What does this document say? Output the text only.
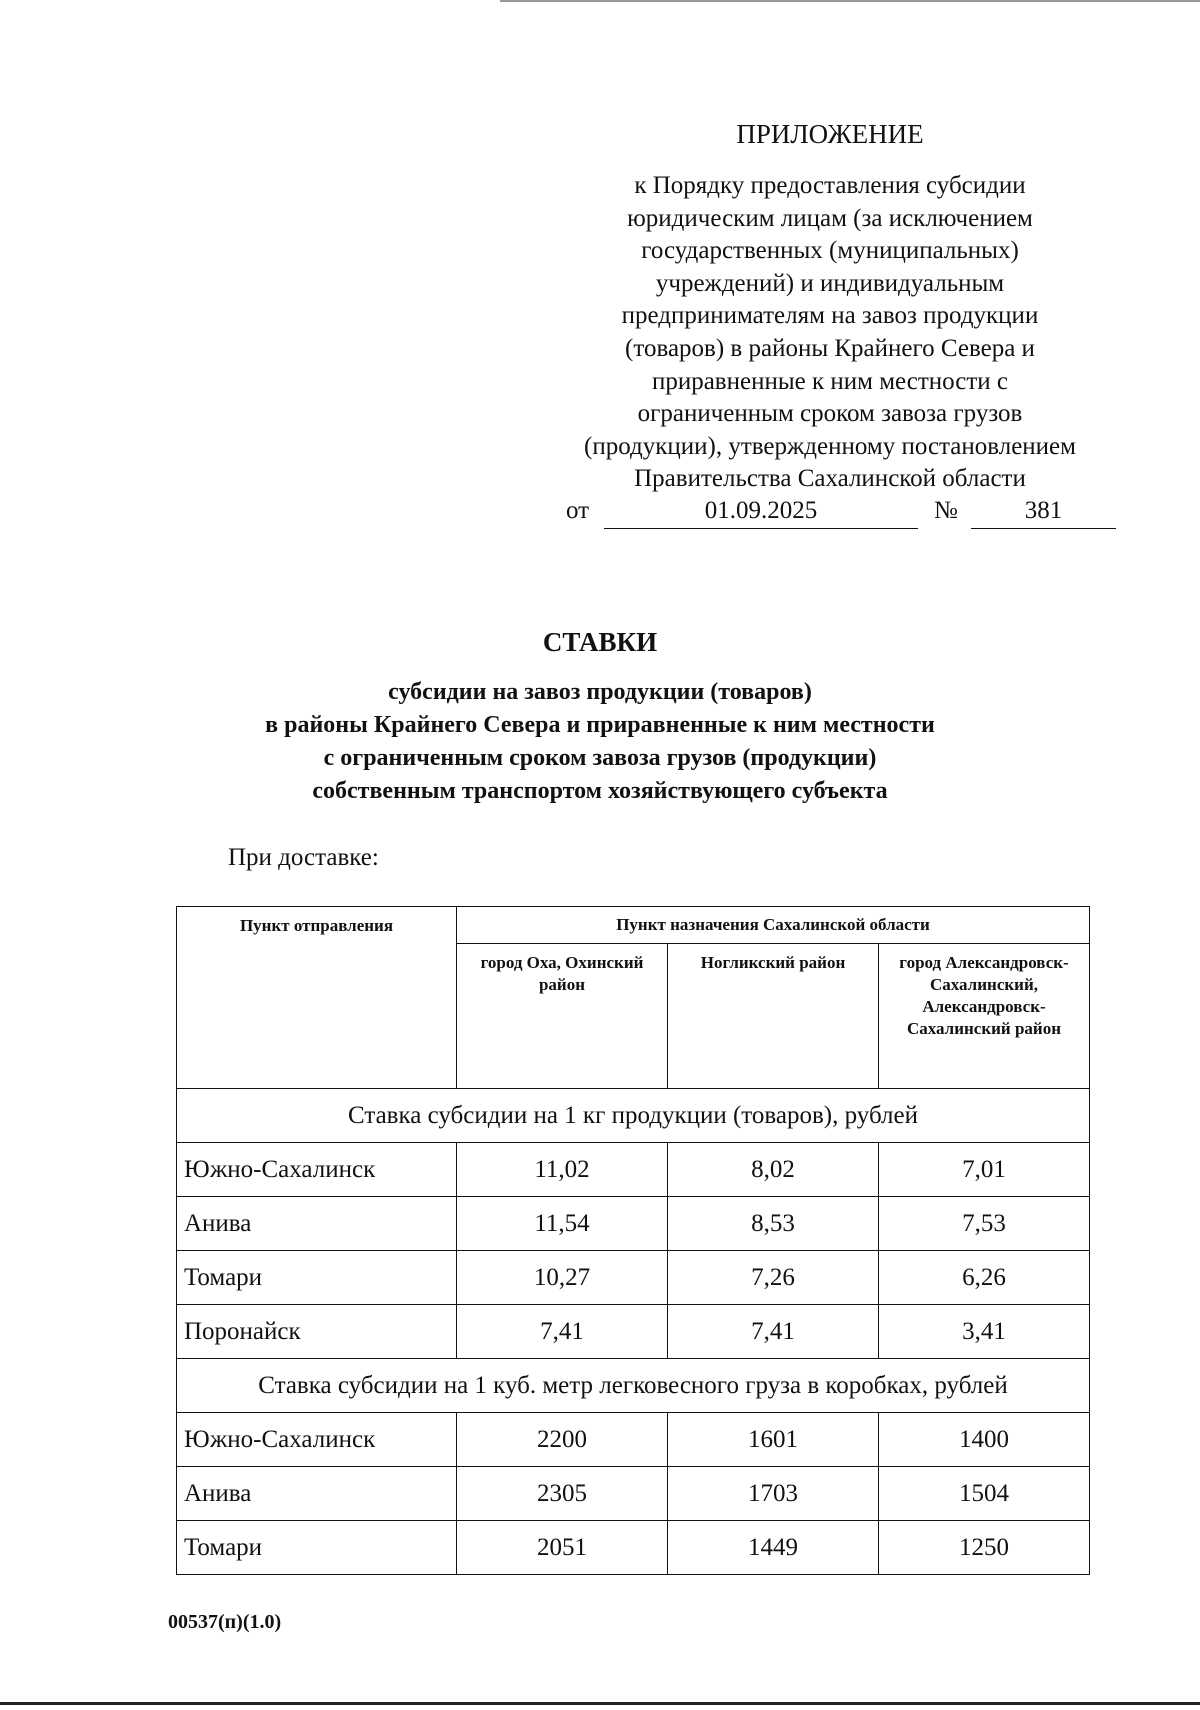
ПРИЛОЖЕНИЕ

к Порядку предоставления субсидии
юридическим лицам (за исключением
государственных (муниципальных)
учреждений) и индивидуальным
предпринимателям на завоз продукции
(товаров) в районы Крайнего Севера и
приравненные к ним местности с
ограниченным сроком завоза грузов
(продукции), утвержденному постановлением
Правительства Сахалинской области

от	01.09.2025	№	381
СТАВКИ
субсидии на завоз продукции (товаров)
в районы Крайнего Севера и приравненные к ним местности
с ограниченным сроком завоза грузов (продукции)
собственным транспортом хозяйствующего субъекта

При доставке:

Пункт отправления	Пункт назначения Сахалинской области		
	город Оха, Охинский район	Ногликский район	город Александровск-Сахалинский, Александровск-Сахалинский район
Ставка субсидии на 1 кг продукции (товаров), рублей			
Южно-Сахалинск	11,02	8,02	7,01
Анива	11,54	8,53	7,53
Томари	10,27	7,26	6,26
Поронайск	7,41	7,41	3,41
Ставка субсидии на 1 куб. метр легковесного груза в коробках, рублей			
Южно-Сахалинск	2200	1601	1400
Анива	2305	1703	1504
Томари	2051	1449	1250

00537(п)(1.0)
